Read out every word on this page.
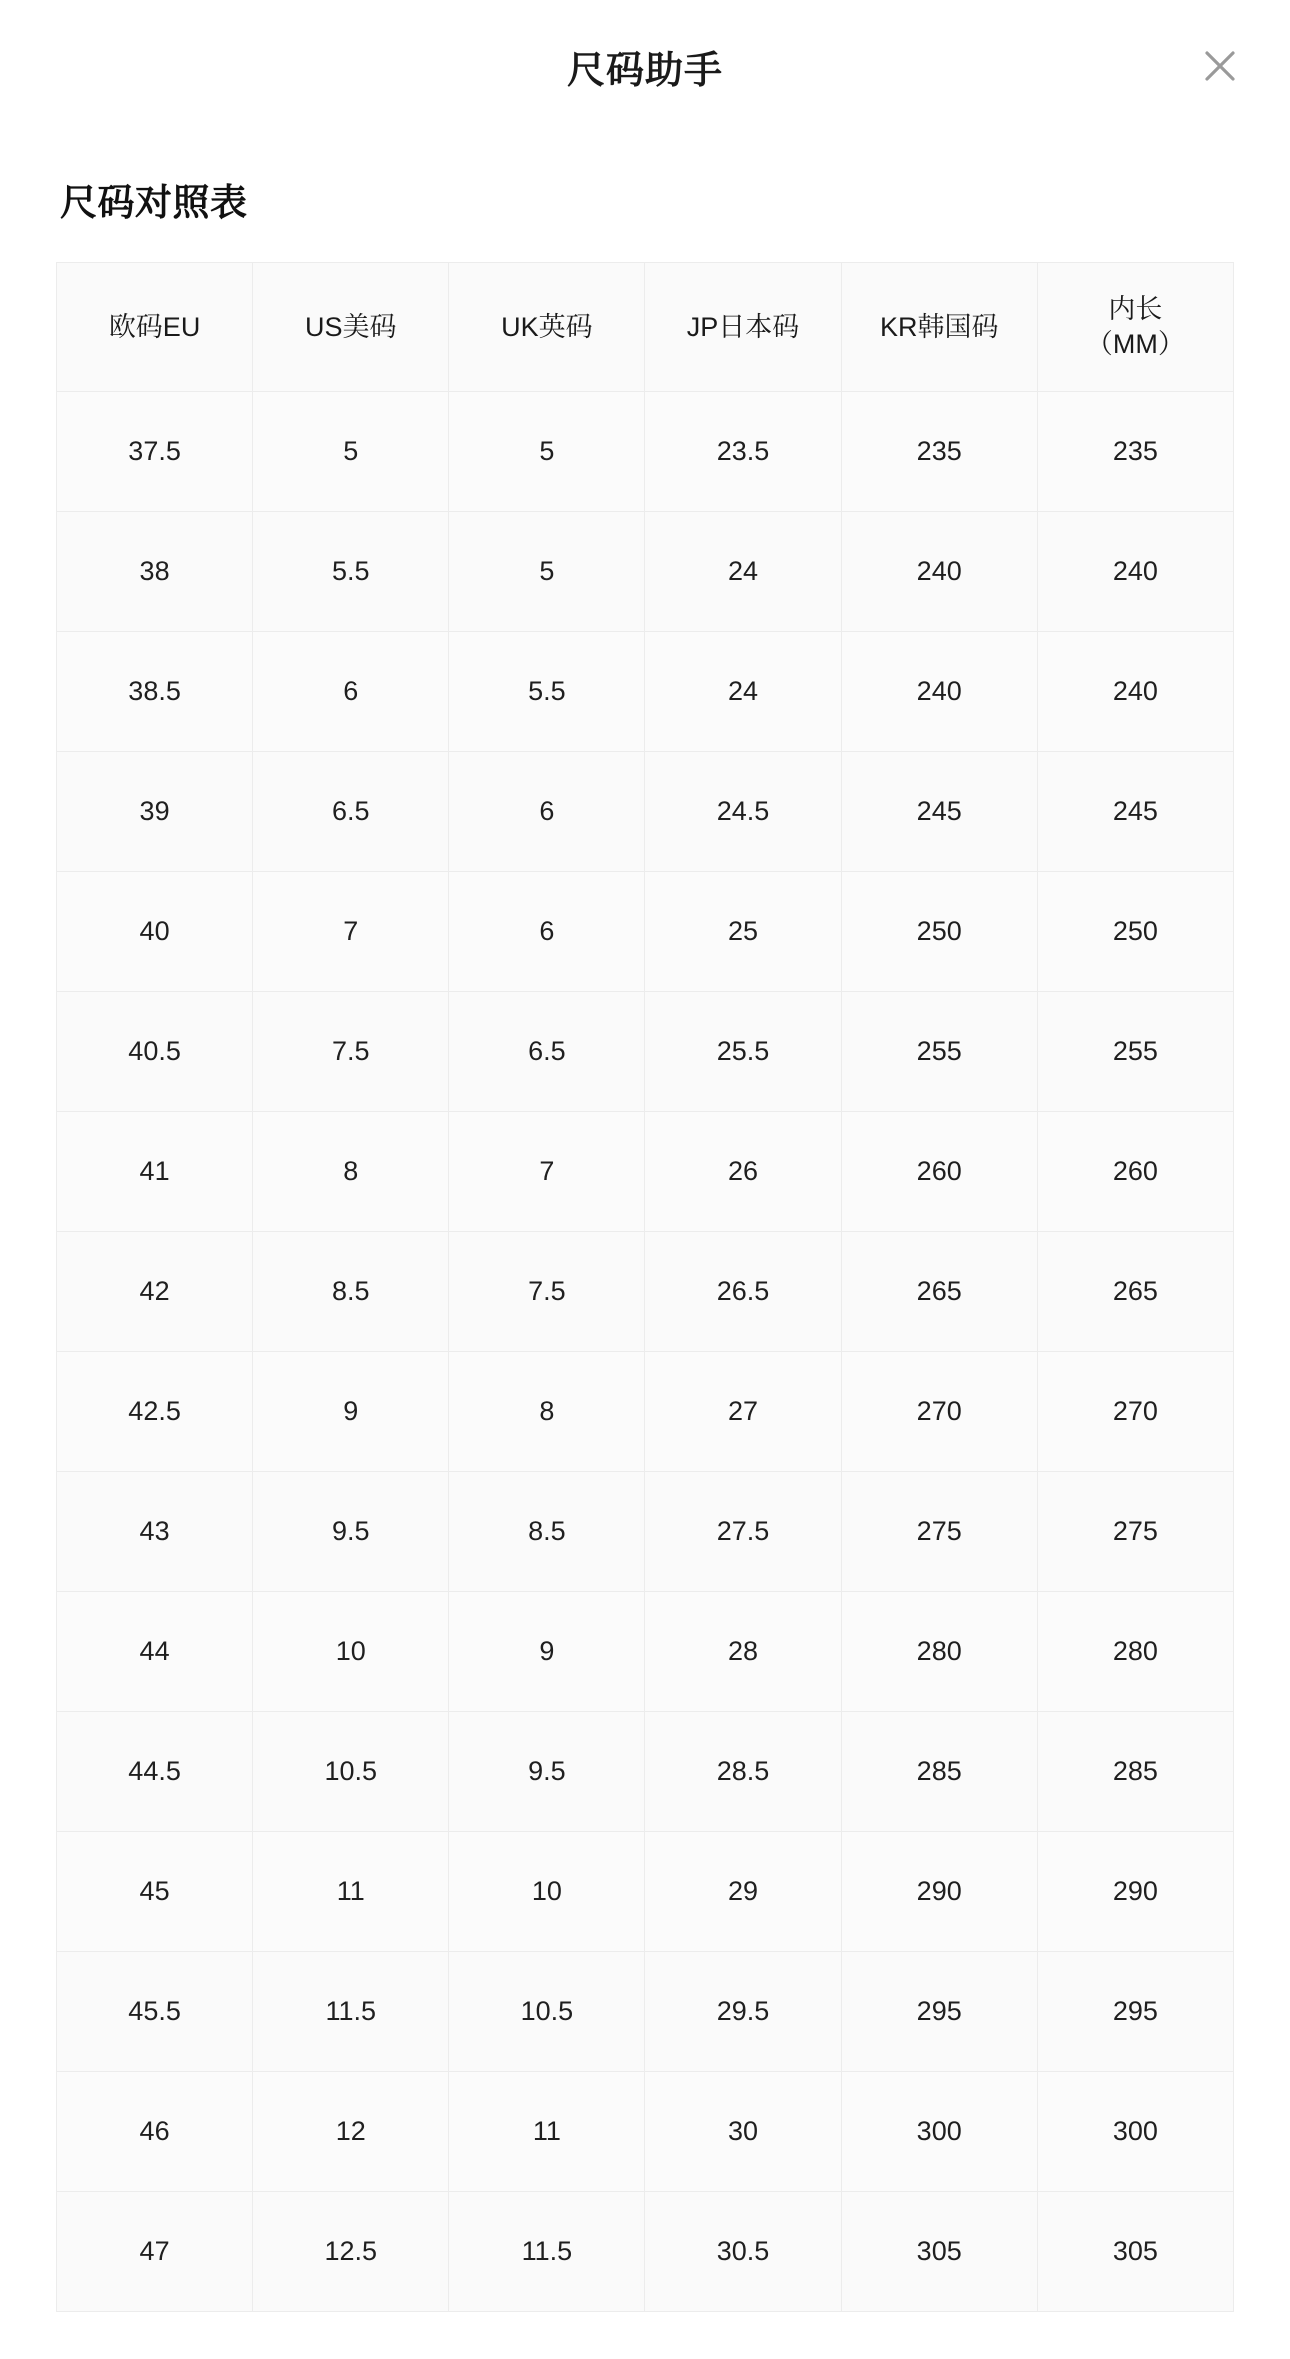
尺码助手
尺码对照表
欧码EU	US美码	UK英码	JP日本码	KR韩国码	内长
（MM）

37.5	5	5	23.5	235	235
38	5.5	5	24	240	240
38.5	6	5.5	24	240	240
39	6.5	6	24.5	245	245
40	7	6	25	250	250
40.5	7.5	6.5	25.5	255	255
41	8	7	26	260	260
42	8.5	7.5	26.5	265	265
42.5	9	8	27	270	270
43	9.5	8.5	27.5	275	275
44	10	9	28	280	280
44.5	10.5	9.5	28.5	285	285
45	11	10	29	290	290
45.5	11.5	10.5	29.5	295	295
46	12	11	30	300	300
47	12.5	11.5	30.5	305	305
